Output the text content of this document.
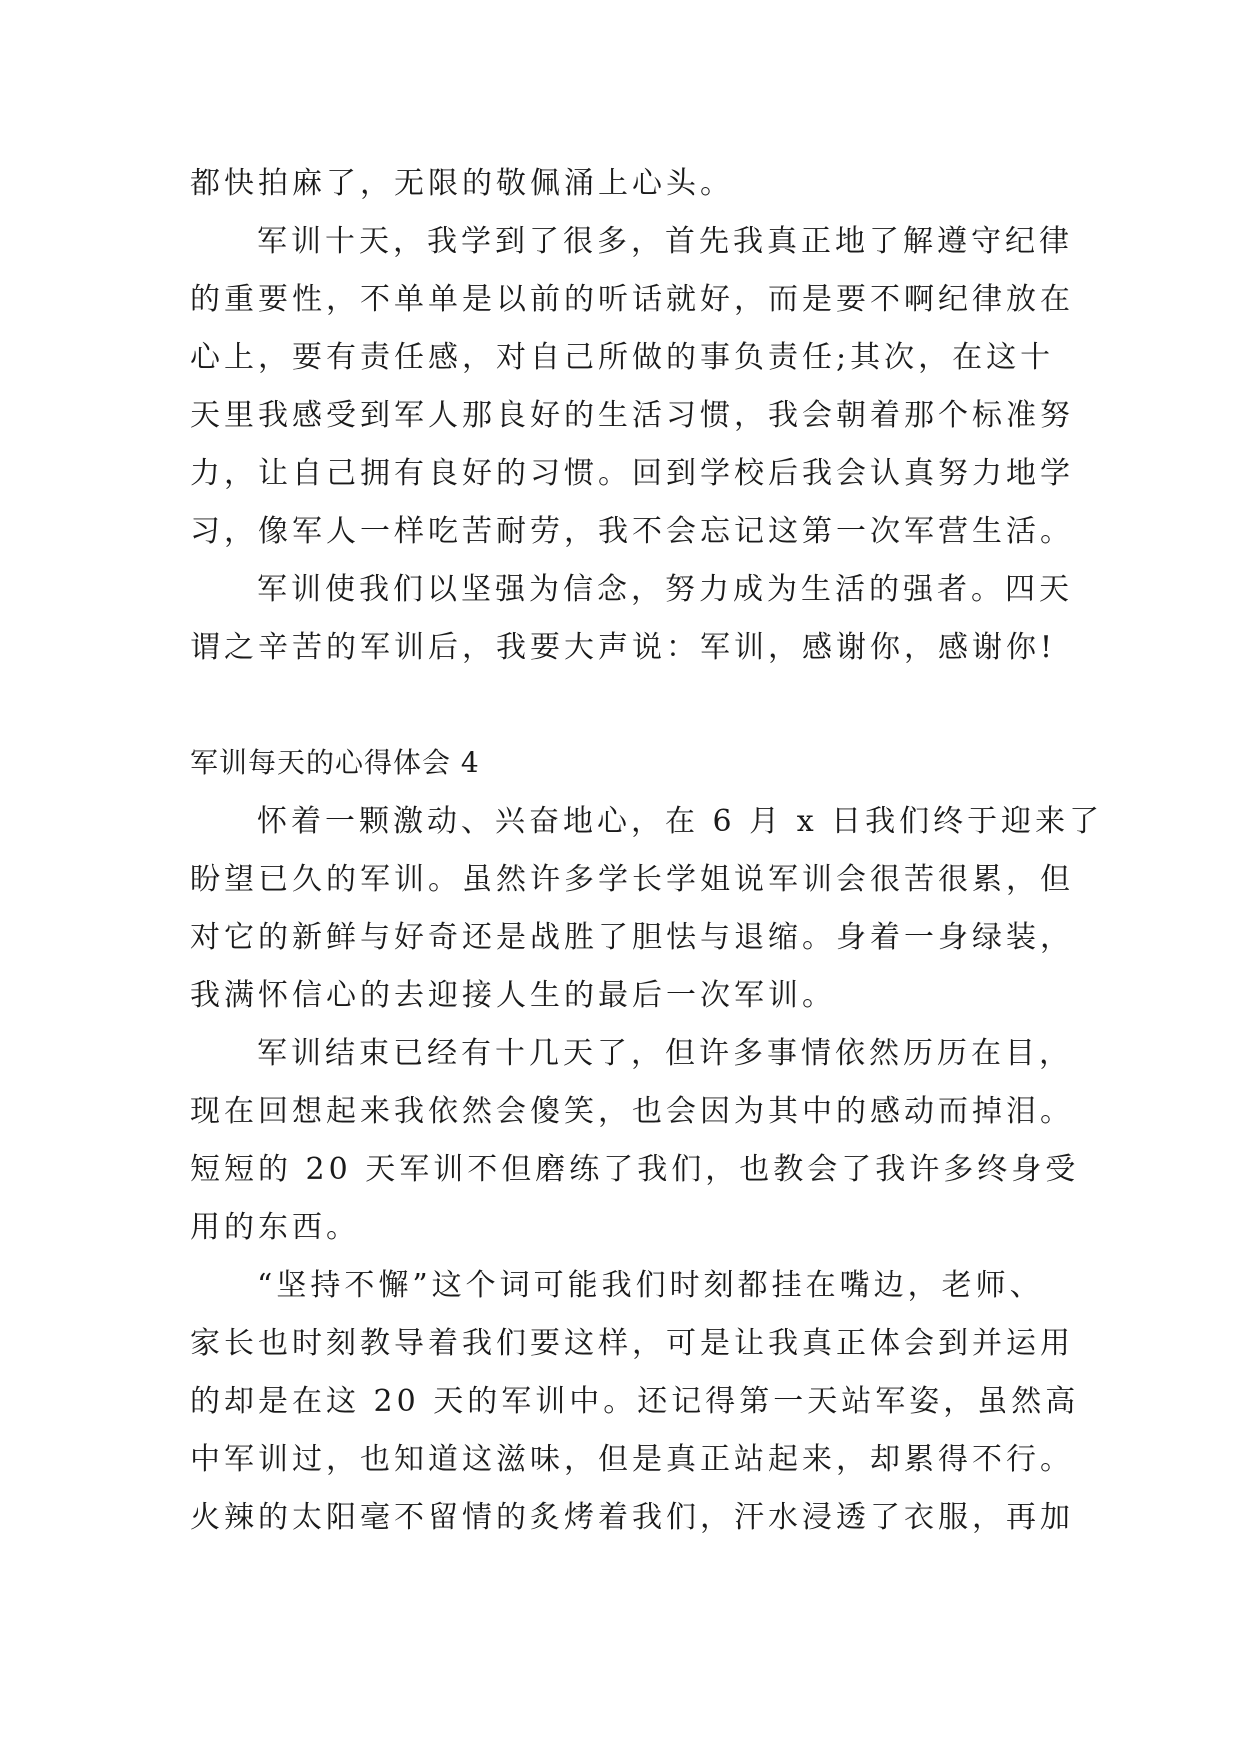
都快拍麻了，无限的敬佩涌上心头。
军训十天，我学到了很多，首先我真正地了解遵守纪律
的重要性，不单单是以前的听话就好，而是要不啊纪律放在
心上，要有责任感，对自己所做的事负责任;其次，在这十
天里我感受到军人那良好的生活习惯，我会朝着那个标准努
力，让自己拥有良好的习惯。回到学校后我会认真努力地学
习，像军人一样吃苦耐劳，我不会忘记这第一次军营生活。
军训使我们以坚强为信念，努力成为生活的强者。四天
谓之辛苦的军训后，我要大声说：军训，感谢你，感谢你!
军训每天的心得体会 4
怀着一颗激动、兴奋地心，在 6 月 x 日我们终于迎来了
盼望已久的军训。虽然许多学长学姐说军训会很苦很累，但
对它的新鲜与好奇还是战胜了胆怯与退缩。身着一身绿装，
我满怀信心的去迎接人生的最后一次军训。
军训结束已经有十几天了，但许多事情依然历历在目，
现在回想起来我依然会傻笑，也会因为其中的感动而掉泪。
短短的 20 天军训不但磨练了我们，也教会了我许多终身受
用的东西。
“坚持不懈”这个词可能我们时刻都挂在嘴边，老师、
家长也时刻教导着我们要这样，可是让我真正体会到并运用
的却是在这 20 天的军训中。还记得第一天站军姿，虽然高
中军训过，也知道这滋味，但是真正站起来，却累得不行。
火辣的太阳毫不留情的炙烤着我们，汗水浸透了衣服，再加
